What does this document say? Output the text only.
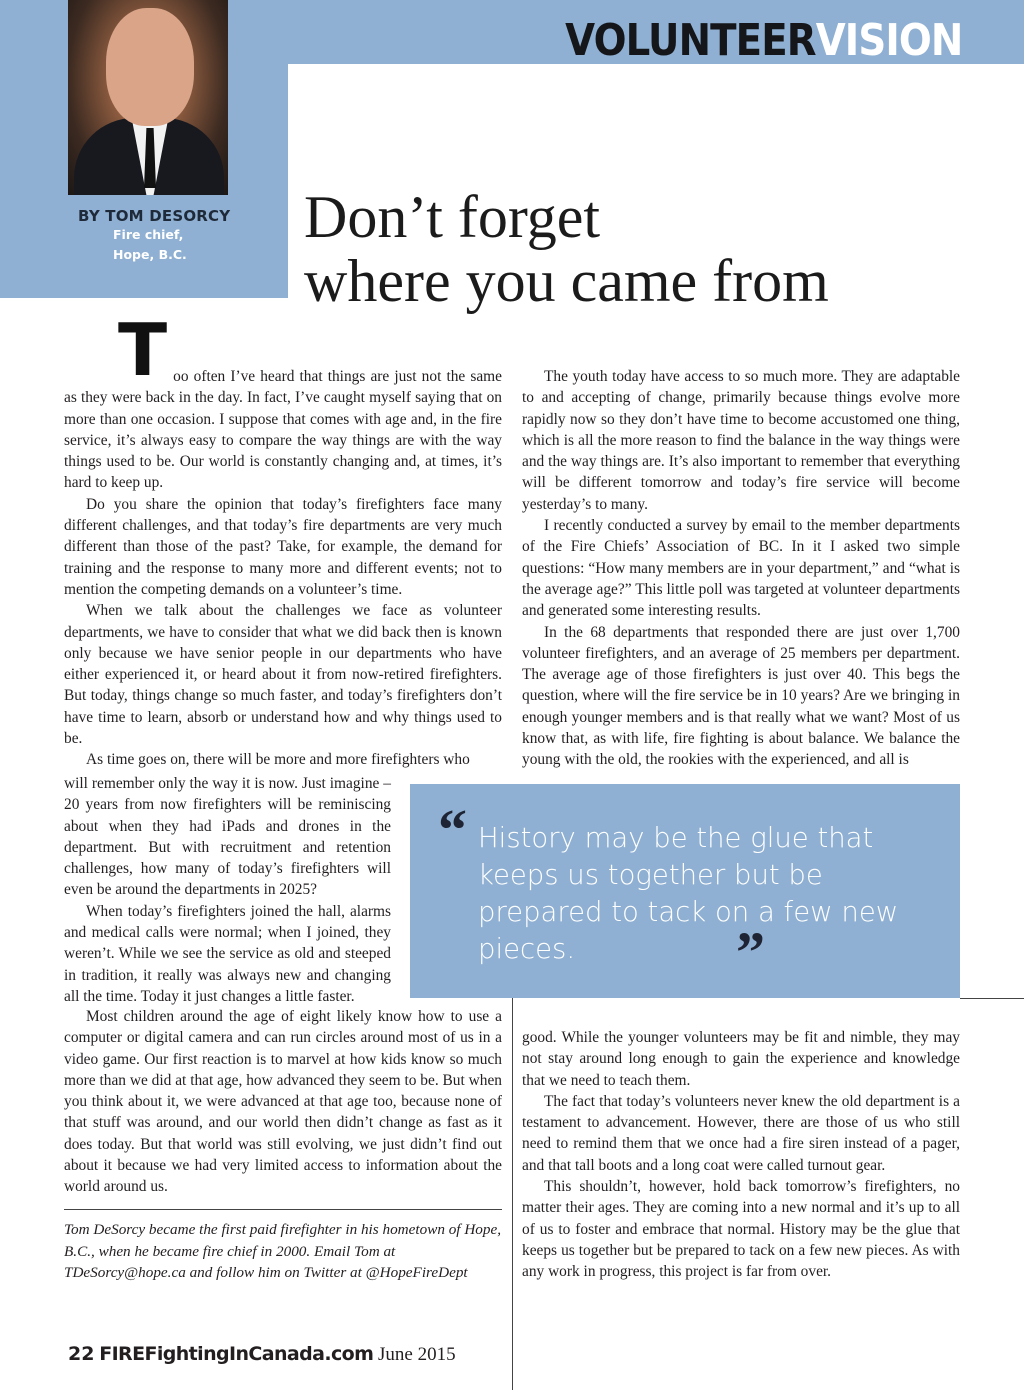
BY TOM DESORCY
Fire chief,
Hope, B.C.
VOLUNTEERVISION
Don’t forget
where you came from

Too often I’ve heard that things are just not the same as they were back in the day. In fact, I’ve caught myself saying that on more than one occasion. I suppose that comes with age and, in the fire service, it’s always easy to compare the way things are with the way things used to be. Our world is constantly changing and, at times, it’s hard to keep up.

Do you share the opinion that today’s firefighters face many different challenges, and that today’s fire departments are very much different than those of the past? Take, for example, the demand for training and the response to many more and different events; not to mention the competing demands on a volunteer’s time.

When we talk about the challenges we face as volunteer departments, we have to consider that what we did back then is known only because we have senior people in our departments who have either experienced it, or heard about it from now-retired firefighters. But today, things change so much faster, and today’s firefighters don’t have time to learn, absorb or understand how and why things used to be.

As time goes on, there will be more and more firefighters who

will remember only the way it is now. Just imagine – 20 years from now firefighters will be reminiscing about when they had iPads and drones in the department. But with recruitment and retention challenges, how many of today’s firefighters will even be around the departments in 2025?

When today’s firefighters joined the hall, alarms and medical calls were normal; when I joined, they weren’t. While we see the service as old and steeped in tradition, it really was always new and changing all the time. Today it just changes a little faster.

Most children around the age of eight likely know how to use a computer or digital camera and can run circles around most of us in a video game. Our first reaction is to marvel at how kids know so much more than we did at that age, how advanced they seem to be. But when you think about it, we were advanced at that age too, because none of that stuff was around, and our world then didn’t change as fast as it does today. But that world was still evolving, we just didn’t find out about it because we had very limited access to information about the world around us.

The youth today have access to so much more. They are adaptable to and accepting of change, primarily because things evolve more rapidly now so they don’t have time to become accustomed one thing, which is all the more reason to find the balance in the way things were and the way things are. It’s also important to remember that everything will be different tomorrow and today’s fire service will become yesterday’s to many.

I recently conducted a survey by email to the member departments of the Fire Chiefs’ Association of BC. In it I asked two simple questions: “How many members are in your department,” and “what is the average age?” This little poll was targeted at volunteer departments and generated some interesting results.

In the 68 departments that responded there are just over 1,700 volunteer firefighters, and an average of 25 members per department. The average age of those firefighters is just over 40. This begs the question, where will the fire service be in 10 years? Are we bringing in enough younger members and is that really what we want? Most of us know that, as with life, fire fighting is about balance. We balance the young with the old, the rookies with the experienced, and all is

“ History may be the glue that keeps us together but be prepared to tack on a few new pieces.	”

good. While the younger volunteers may be fit and nimble, they may not stay around long enough to gain the experience and knowledge that we need to teach them.

The fact that today’s volunteers never knew the old department is a testament to advancement. However, there are those of us who still need to remind them that we once had a fire siren instead of a pager, and that tall boots and a long coat were called turnout gear.

This shouldn’t, however, hold back tomorrow’s firefighters, no matter their ages. They are coming into a new normal and it’s up to all of us to foster and embrace that normal. History may be the glue that keeps us together but be prepared to tack on a few new pieces. As with any work in progress, this project is far from over.

Tom DeSorcy became the first paid firefighter in his hometown of Hope, B.C., when he became fire chief in 2000. Email Tom at TDeSorcy@hope.ca and follow him on Twitter at @HopeFireDept
22 FIREFightingInCanada.com June 2015
